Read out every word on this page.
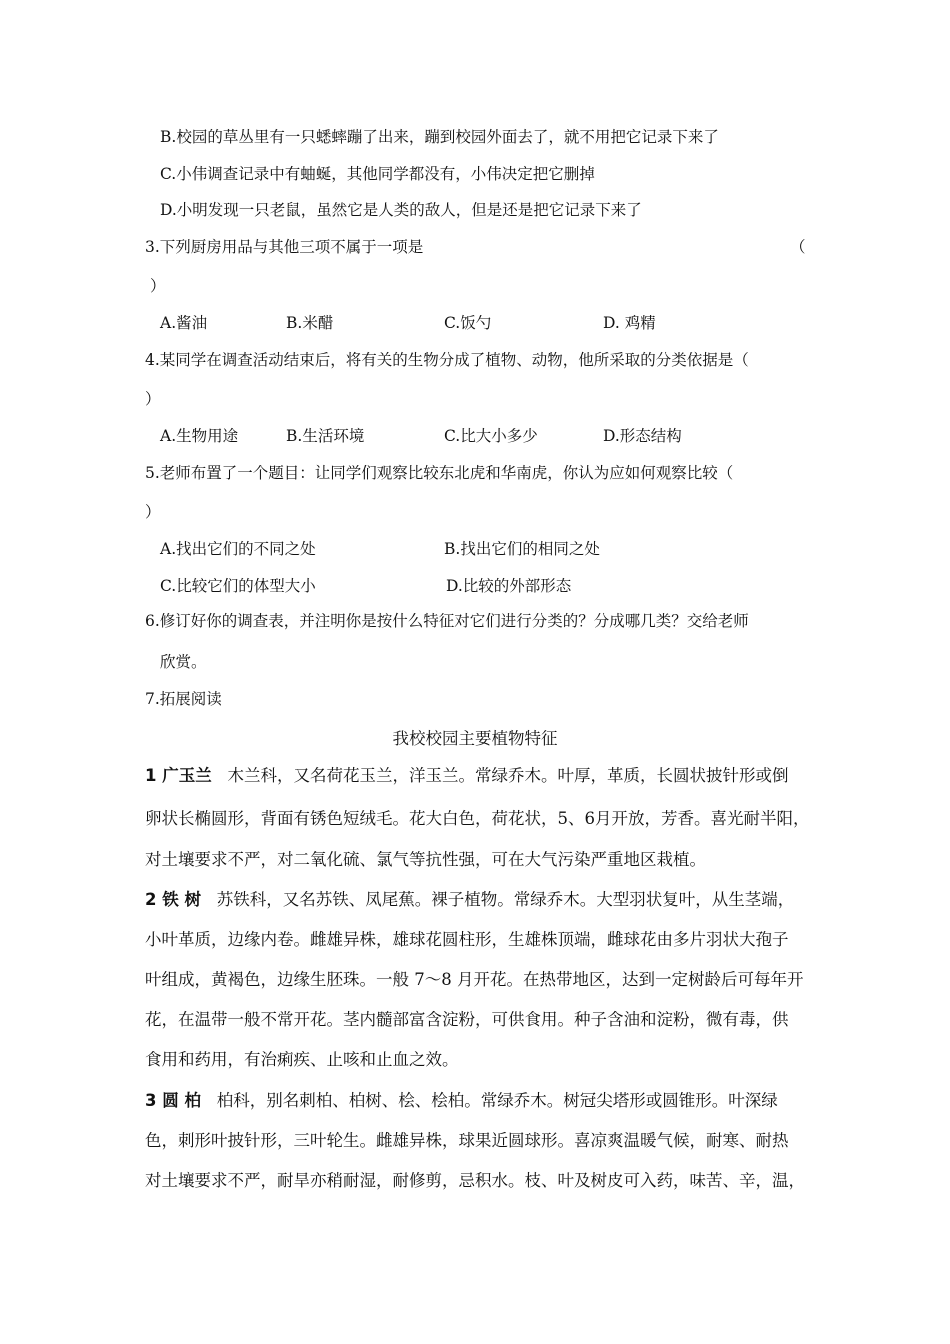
B.校园的草丛里有一只蟋蟀蹦了出来，蹦到校园外面去了，就不用把它记录下来了
C.小伟调查记录中有蚰蜒，其他同学都没有，小伟决定把它删掉
D.小明发现一只老鼠，虽然它是人类的敌人，但是还是把它记录下来了
3.下列厨房用品与其他三项不属于一项是	（
）
A.酱油	B.米醋	C.饭勺	D. 鸡精
4.某同学在调查活动结束后，将有关的生物分成了植物、动物，他所采取的分类依据是（
）
A.生物用途	B.生活环境	C.比大小多少	D.形态结构
5.老师布置了一个题目：让同学们观察比较东北虎和华南虎，你认为应如何观察比较（
）
A.找出它们的不同之处	B.找出它们的相同之处
C.比较它们的体型大小	D.比较的外部形态
6.修订好你的调查表，并注明你是按什么特征对它们进行分类的？分成哪几类？交给老师
欣赏。
7.拓展阅读
我校校园主要植物特征
1 广玉兰 木兰科，又名荷花玉兰，洋玉兰。常绿乔木。叶厚，革质，长圆状披针形或倒
卵状长椭圆形，背面有锈色短绒毛。花大白色，荷花状，5、6月开放，芳香。喜光耐半阳，
对土壤要求不严，对二氧化硫、氯气等抗性强，可在大气污染严重地区栽植。
2 铁 树 苏铁科，又名苏铁、凤尾蕉。裸子植物。常绿乔木。大型羽状复叶，从生茎端，
小叶革质，边缘内卷。雌雄异株，雄球花圆柱形，生雄株顶端，雌球花由多片羽状大孢子
叶组成，黄褐色，边缘生胚珠。一般 7～8 月开花。在热带地区，达到一定树龄后可每年开
花，在温带一般不常开花。茎内髓部富含淀粉，可供食用。种子含油和淀粉，微有毒，供
食用和药用，有治痢疾、止咳和止血之效。
3 圆 柏 柏科，别名刺柏、柏树、桧、桧柏。常绿乔木。树冠尖塔形或圆锥形。叶深绿
色，刺形叶披针形，三叶轮生。雌雄异株，球果近圆球形。喜凉爽温暖气候，耐寒、耐热
对土壤要求不严，耐旱亦稍耐湿，耐修剪，忌积水。枝、叶及树皮可入药，味苦、辛，温，
